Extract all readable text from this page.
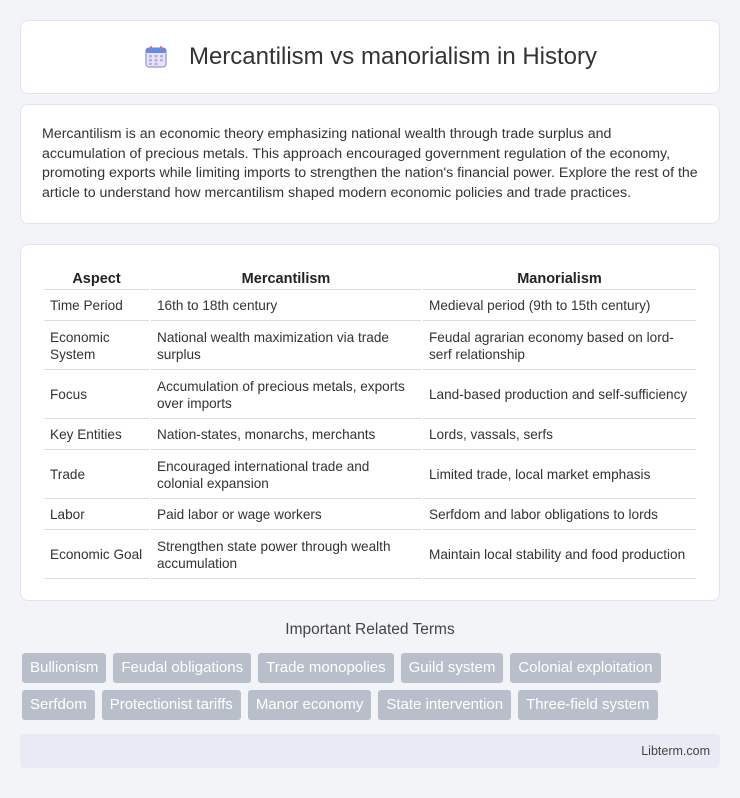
Mercantilism vs manorialism in History

Mercantilism is an economic theory emphasizing national wealth through trade surplus and accumulation of precious metals. This approach encouraged government regulation of the economy, promoting exports while limiting imports to strengthen the nation's financial power. Explore the rest of the article to understand how mercantilism shaped modern economic policies and trade practices.

Aspect	Mercantilism	Manorialism
Time Period	16th to 18th century	Medieval period (9th to 15th century)
Economic System	National wealth maximization via trade surplus	Feudal agrarian economy based on lord-serf relationship
Focus	Accumulation of precious metals, exports over imports	Land-based production and self-sufficiency
Key Entities	Nation-states, monarchs, merchants	Lords, vassals, serfs
Trade	Encouraged international trade and colonial expansion	Limited trade, local market emphasis
Labor	Paid labor or wage workers	Serfdom and labor obligations to lords
Economic Goal	Strengthen state power through wealth accumulation	Maintain local stability and food production
Important Related Terms
Bullionism	Feudal obligations	Trade monopolies	Guild system	Colonial exploitation
Serfdom	Protectionist tariffs	Manor economy	State intervention	Three-field system
Libterm.com
